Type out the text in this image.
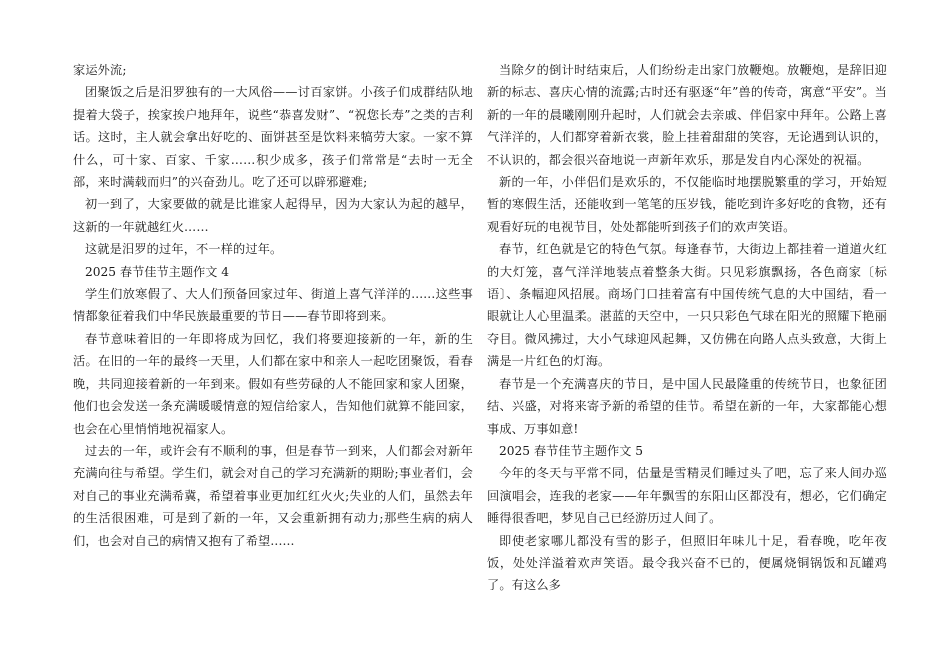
家运外流;

团聚饭之后是汨罗独有的一大风俗——讨百家饼。小孩子们成群结队地提着大袋子，挨家挨户地拜年，说些“恭喜发财”、“祝您长寿”之类的吉利话。这时，主人就会拿出好吃的、面饼甚至是饮料来犒劳大家。一家不算什么，可十家、百家、千家……积少成多，孩子们常常是“去时一无全部，来时满载而归”的兴奋劲儿。吃了还可以辟邪避难;

初一到了，大家要做的就是比谁家人起得早，因为大家认为起的越早，这新的一年就越红火……

这就是汨罗的过年，不一样的过年。

2025 春节佳节主题作文 4

学生们放寒假了、大人们预备回家过年、街道上喜气洋洋的......这些事情都象征着我们中华民族最重要的节日——春节即将到来。

春节意味着旧的一年即将成为回忆，我们将要迎接新的一年，新的生活。在旧的一年的最终一天里，人们都在家中和亲人一起吃团聚饭，看春晚，共同迎接着新的一年到来。假如有些劳碌的人不能回家和家人团聚，他们也会发送一条充满暖暖情意的短信给家人，告知他们就算不能回家，也会在心里悄悄地祝福家人。

过去的一年，或许会有不顺利的事，但是春节一到来，人们都会对新年充满向往与希望。学生们，就会对自己的学习充满新的期盼;事业者们，会对自己的事业充满希冀，希望着事业更加红红火火;失业的人们，虽然去年的生活很困难，可是到了新的一年，又会重新拥有动力;那些生病的病人们，也会对自己的病情又抱有了希望......

当除夕的倒计时结束后，人们纷纷走出家门放鞭炮。放鞭炮，是辞旧迎新的标志、喜庆心情的流露;古时还有驱逐“年”兽的传奇，寓意“平安”。当新的一年的晨曦刚刚升起时，人们就会去亲戚、伴侣家中拜年。公路上喜气洋洋的，人们都穿着新衣裳，脸上挂着甜甜的笑容，无论遇到认识的，不认识的，都会很兴奋地说一声新年欢乐，那是发自内心深处的祝福。

新的一年，小伴侣们是欢乐的，不仅能临时地摆脱繁重的学习，开始短暂的寒假生活，还能收到一笔笔的压岁钱，能吃到许多好吃的食物，还有观看好玩的电视节目，处处都能听到孩子们的欢声笑语。

春节，红色就是它的特色气氛。每逢春节，大街边上都挂着一道道火红的大灯笼，喜气洋洋地装点着整条大街。只见彩旗飘扬，各色商家〔标语〕、条幅迎风招展。商场门口挂着富有中国传统气息的大中国结，看一眼就让人心里温柔。湛蓝的天空中，一只只彩色气球在阳光的照耀下艳丽夺目。微风拂过，大小气球迎风起舞，又仿佛在向路人点头致意，大街上满是一片红色的灯海。

春节是一个充满喜庆的节日，是中国人民最隆重的传统节日，也象征团结、兴盛，对将来寄予新的希望的佳节。希望在新的一年，大家都能心想事成、万事如意!

2025 春节佳节主题作文 5

今年的冬天与平常不同，估量是雪精灵们睡过头了吧，忘了来人间办巡回演唱会，连我的老家——年年飘雪的东阳山区都没有，想必，它们确定睡得很香吧，梦见自己已经游历过人间了。

即使老家哪儿都没有雪的影子，但照旧年味儿十足，看春晚，吃年夜饭，处处洋溢着欢声笑语。最令我兴奋不已的，便属烧铜锅饭和瓦罐鸡了。有这么多
